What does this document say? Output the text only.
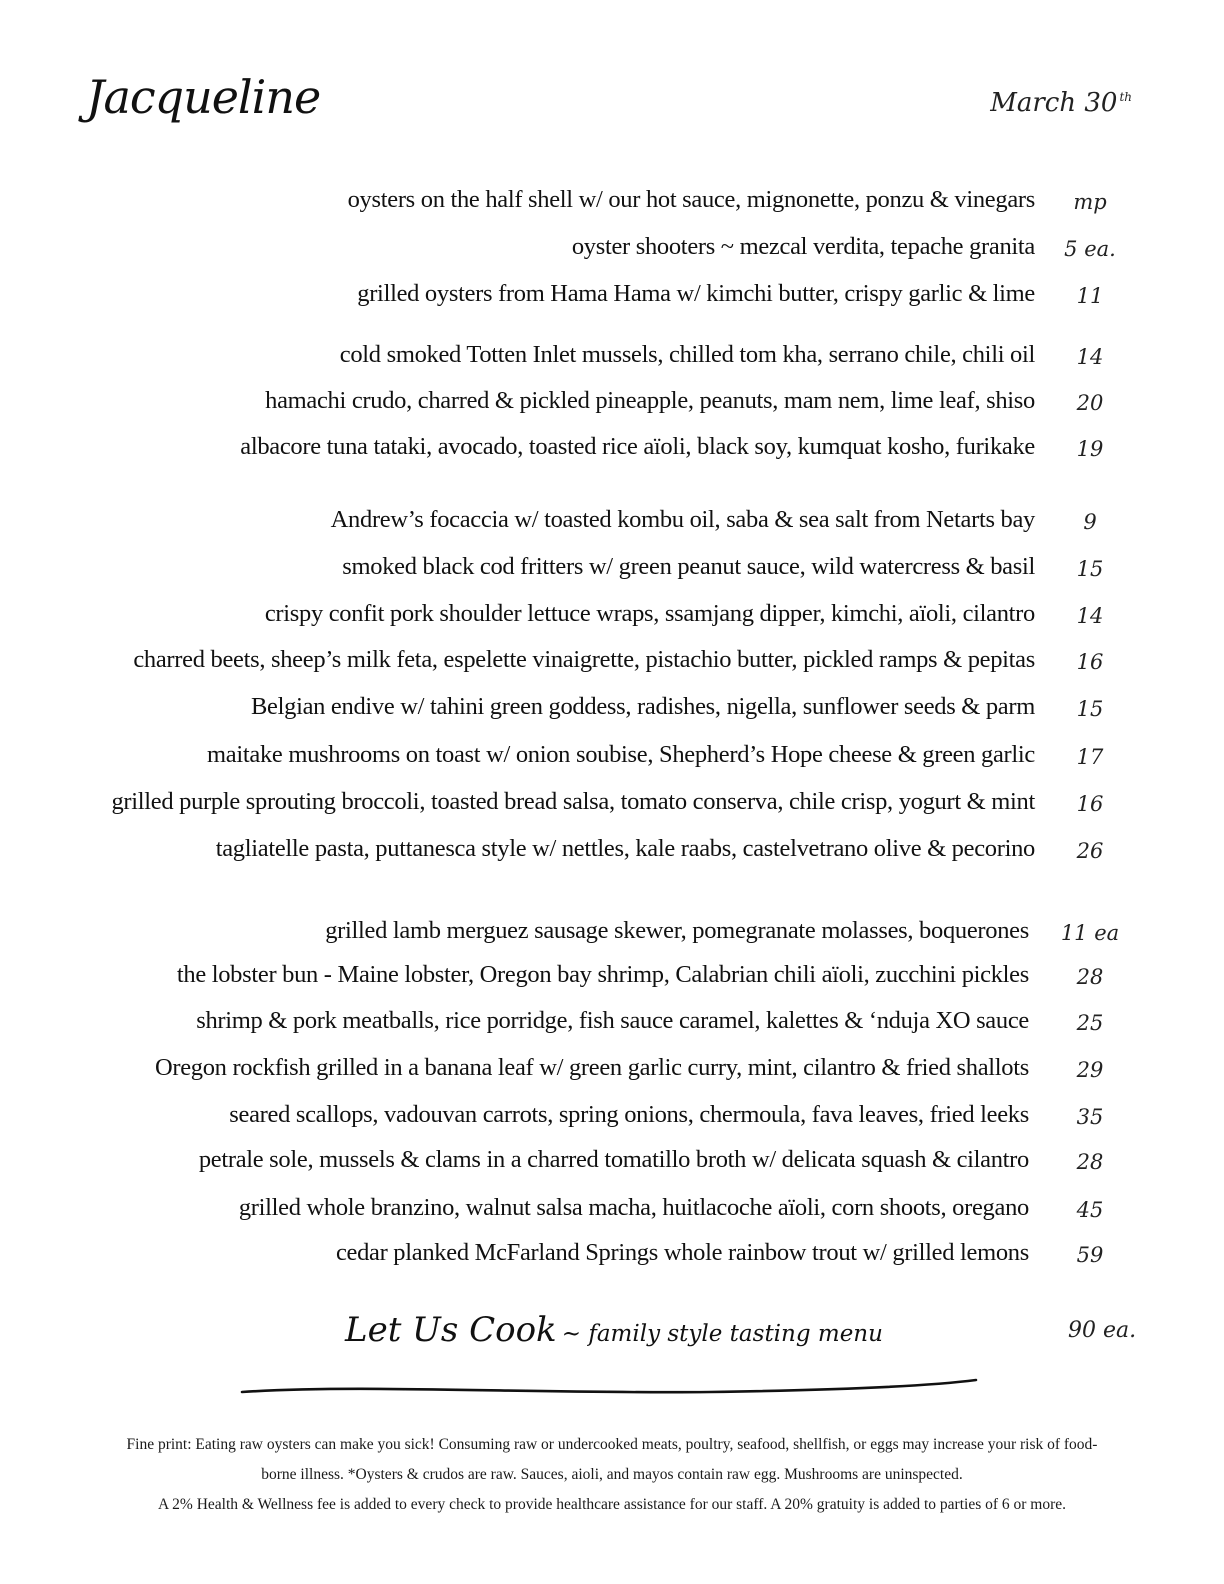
Jacqueline	March 30 $^{th}$
oysters on the half shell w/ our hot sauce, mignonette, ponzu & vinegars	mp
oyster shooters ~ mezcal verdita, tepache granita	5 ea.
grilled oysters from Hama Hama w/ kimchi butter, crispy garlic & lime	11
cold smoked Totten Inlet mussels, chilled tom kha, serrano chile, chili oil	14
hamachi crudo, charred & pickled pineapple, peanuts, mam nem, lime leaf, shiso	20
albacore tuna tataki, avocado, toasted rice aïoli, black soy, kumquat kosho, furikake	19
Andrew’s focaccia w/ toasted kombu oil, saba & sea salt from Netarts bay	9
smoked black cod fritters w/ green peanut sauce, wild watercress & basil	15
crispy confit pork shoulder lettuce wraps, ssamjang dipper, kimchi, aïoli, cilantro	14
charred beets, sheep’s milk feta, espelette vinaigrette, pistachio butter, pickled ramps & pepitas	16
Belgian endive w/ tahini green goddess, radishes, nigella, sunflower seeds & parm	15
maitake mushrooms on toast w/ onion soubise, Shepherd’s Hope cheese & green garlic	17
grilled purple sprouting broccoli, toasted bread salsa, tomato conserva, chile crisp, yogurt & mint	16
tagliatelle pasta, puttanesca style w/ nettles, kale raabs, castelvetrano olive & pecorino	26
grilled lamb merguez sausage skewer, pomegranate molasses, boquerones	11 ea
the lobster bun - Maine lobster, Oregon bay shrimp, Calabrian chili aïoli, zucchini pickles	28
shrimp & pork meatballs, rice porridge, fish sauce caramel, kalettes & ‘nduja XO sauce	25
Oregon rockfish grilled in a banana leaf w/ green garlic curry, mint, cilantro & fried shallots	29
seared scallops, vadouvan carrots, spring onions, chermoula, fava leaves, fried leeks	35
petrale sole, mussels & clams in a charred tomatillo broth w/ delicata squash & cilantro	28
grilled whole branzino, walnut salsa macha, huitlacoche aïoli, corn shoots, oregano	45
cedar planked McFarland Springs whole rainbow trout w/ grilled lemons	59
Let Us Cook ~ family style tasting menu	90 ea.

Fine print: Eating raw oysters can make you sick! Consuming raw or undercooked meats, poultry, seafood, shellfish, or eggs may increase your risk of food-

borne illness. *Oysters & crudos are raw. Sauces, aioli, and mayos contain raw egg. Mushrooms are uninspected.

A 2% Health & Wellness fee is added to every check to provide healthcare assistance for our staff. A 20% gratuity is added to parties of 6 or more.
